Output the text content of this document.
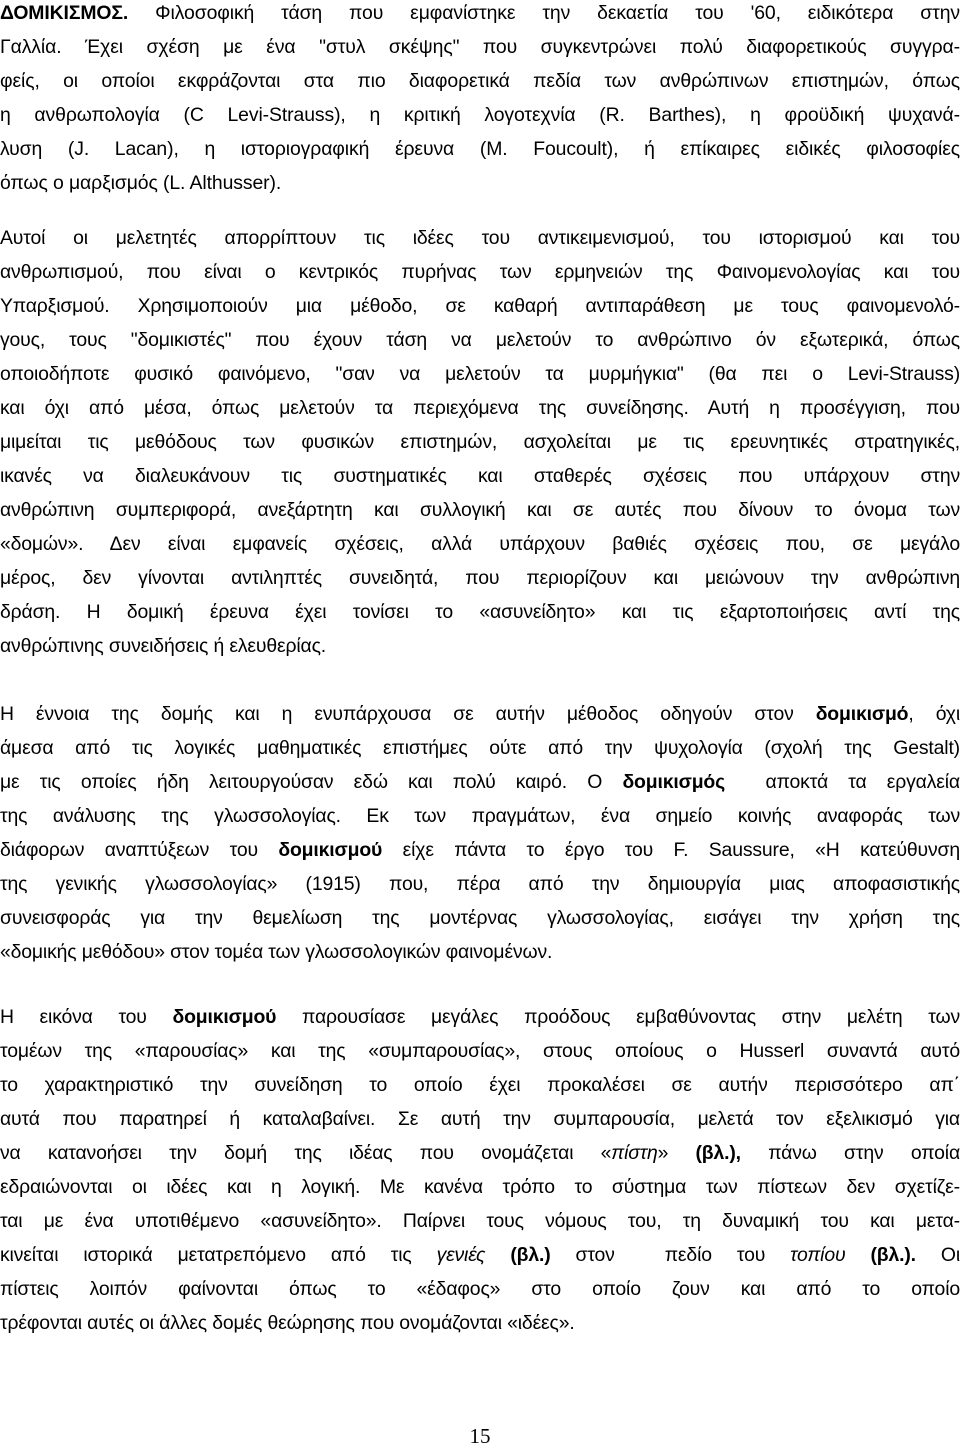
ΔΟΜΙΚΙΣΜΟΣ. Φιλοσοφική τάση που εμφανίστηκε την δεκαετία του '60, ειδικότερα στην
Γαλλία. Έχει σχέση με ένα "στυλ σκέψης" που συγκεντρώνει πολύ διαφορετικούς συγγρα-
φείς, οι οποίοι εκφράζονται στα πιο διαφορετικά πεδία των ανθρώπινων επιστημών, όπως
η ανθρωπολογία (C Levi-Strauss), η κριτική λογοτεχνία (R. Barthes), η φροϋδική ψυχανά-
λυση (J. Lacan), η ιστοριογραφική έρευνα (M. Foucoult), ή επίκαιρες ειδικές φιλοσοφίες
όπως ο μαρξισμός (L. Althusser).
Αυτοί οι μελετητές απορρίπτουν τις ιδέες του αντικειμενισμού, του ιστορισμού και του
ανθρωπισμού, που είναι ο κεντρικός πυρήνας των ερμηνειών της Φαινομενολογίας και του
Υπαρξισμού. Χρησιμοποιούν μια μέθοδο, σε καθαρή αντιπαράθεση με τους φαινομενολό-
γους, τους "δομικιστές" που έχουν τάση να μελετούν το ανθρώπινο όν εξωτερικά, όπως
οποιοδήποτε φυσικό φαινόμενο, "σαν να μελετούν τα μυρμήγκια" (θα πει ο Levi-Strauss)
και όχι από μέσα, όπως μελετούν τα περιεχόμενα της συνείδησης. Αυτή η προσέγγιση, που
μιμείται τις μεθόδους των φυσικών επιστημών, ασχολείται με τις ερευνητικές στρατηγικές,
ικανές να διαλευκάνουν τις συστηματικές και σταθερές σχέσεις που υπάρχουν στην
ανθρώπινη συμπεριφορά, ανεξάρτητη και συλλογική και σε αυτές που δίνουν το όνομα των
«δομών». Δεν είναι εμφανείς σχέσεις, αλλά υπάρχουν βαθιές σχέσεις που, σε μεγάλο
μέρος, δεν γίνονται αντιληπτές συνειδητά, που περιορίζουν και μειώνουν την ανθρώπινη
δράση. Η δομική έρευνα έχει τονίσει το «ασυνείδητο» και τις εξαρτοποιήσεις αντί της
ανθρώπινης συνειδήσεις ή ελευθερίας.
Η έννοια της δομής και η ενυπάρχουσα σε αυτήν μέθοδος οδηγούν στον δομικισμό, όχι
άμεσα από τις λογικές μαθηματικές επιστήμες ούτε από την ψυχολογία (σχολή της Gestalt)
με τις οποίες ήδη λειτουργούσαν εδώ και πολύ καιρό. Ο δομικισμός  αποκτά τα εργαλεία
της ανάλυσης της γλωσσολογίας. Εκ των πραγμάτων, ένα σημείο κοινής αναφοράς των
διάφορων αναπτύξεων του δομικισμού είχε πάντα το έργο του F. Saussure, «Η κατεύθυνση
της γενικής γλωσσολογίας» (1915) που, πέρα από την δημιουργία μιας αποφασιστικής
συνεισφοράς για την θεμελίωση της μοντέρνας γλωσσολογίας, εισάγει την χρήση της
«δομικής μεθόδου» στον τομέα των γλωσσολογικών φαινομένων.
Η εικόνα του δομικισμού παρουσίασε μεγάλες προόδους εμβαθύνοντας στην μελέτη των
τομέων της «παρουσίας» και της «συμπαρουσίας», στους οποίους ο Husserl συναντά αυτό
το χαρακτηριστικό την συνείδηση το οποίο έχει προκαλέσει σε αυτήν περισσότερο απ΄
αυτά που παρατηρεί ή καταλαβαίνει. Σε αυτή την συμπαρουσία, μελετά τον εξελικισμό για
να κατανοήσει την δομή της ιδέας που ονομάζεται «πίστη» (βλ.), πάνω στην οποία
εδραιώνονται οι ιδέες και η λογική. Με κανένα τρόπο το σύστημα των πίστεων δεν σχετίζε-
ται με ένα υποτιθέμενο «ασυνείδητο». Παίρνει τους νόμους του, τη δυναμική του και μετα-
κινείται ιστορικά μετατρεπόμενο από τις γενιές (βλ.) στον  πεδίο του τοπίου (βλ.). Οι
πίστεις λοιπόν φαίνονται όπως το «έδαφος» στο οποίο ζουν και από το οποίο
τρέφονται αυτές οι άλλες δομές θεώρησης που ονομάζονται «ιδέες».
15
